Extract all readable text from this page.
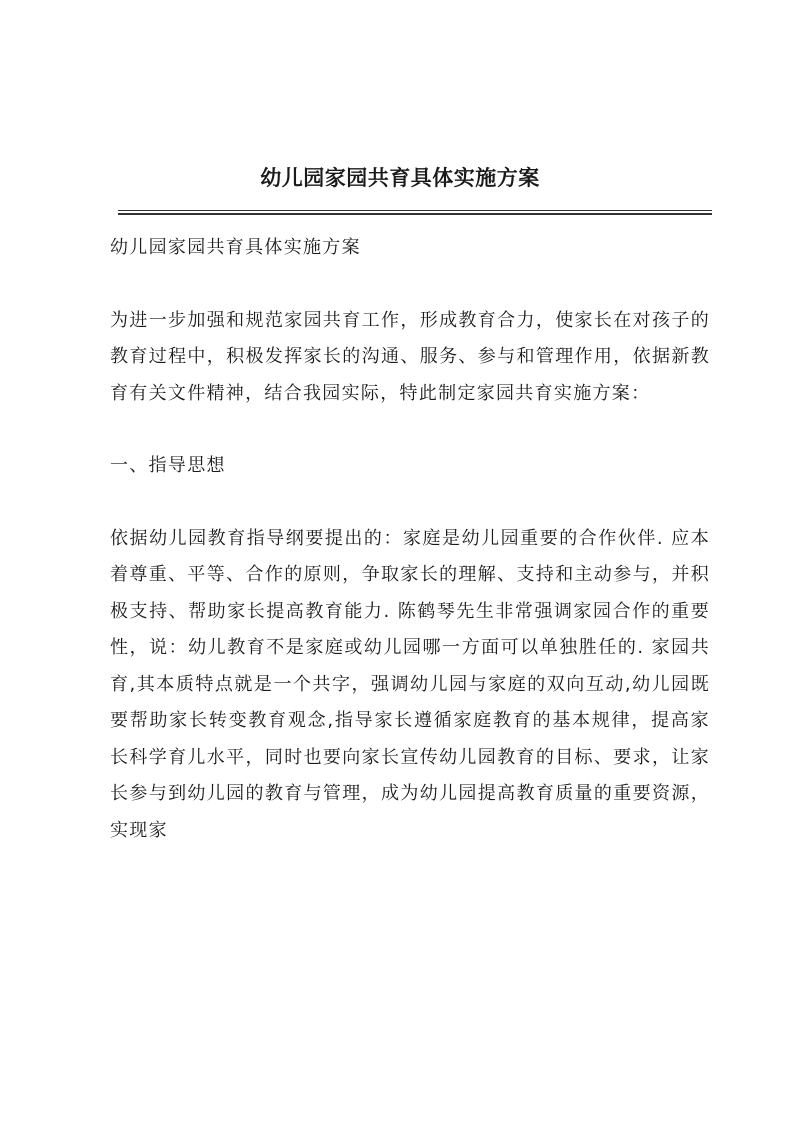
幼儿园家园共育具体实施方案

幼儿园家园共育具体实施方案

为进一步加强和规范家园共育工作，形成教育合力，使家长在对孩子的教育过程中，积极发挥家长的沟通、服务、参与和管理作用，依据新教育有关文件精神，结合我园实际，特此制定家园共育实施方案：

一、指导思想

依据幼儿园教育指导纲要提出的：家庭是幼儿园重要的合作伙伴. 应本着尊重、平等、合作的原则，争取家长的理解、支持和主动参与，并积极支持、帮助家长提高教育能力. 陈鹤琴先生非常强调家园合作的重要性，说：幼儿教育不是家庭或幼儿园哪一方面可以单独胜任的. 家园共育,其本质特点就是一个共字，强调幼儿园与家庭的双向互动,幼儿园既要帮助家长转变教育观念,指导家长遵循家庭教育的基本规律，提高家长科学育儿水平，同时也要向家长宣传幼儿园教育的目标、要求，让家长参与到幼儿园的教育与管理，成为幼儿园提高教育质量的重要资源，实现家
